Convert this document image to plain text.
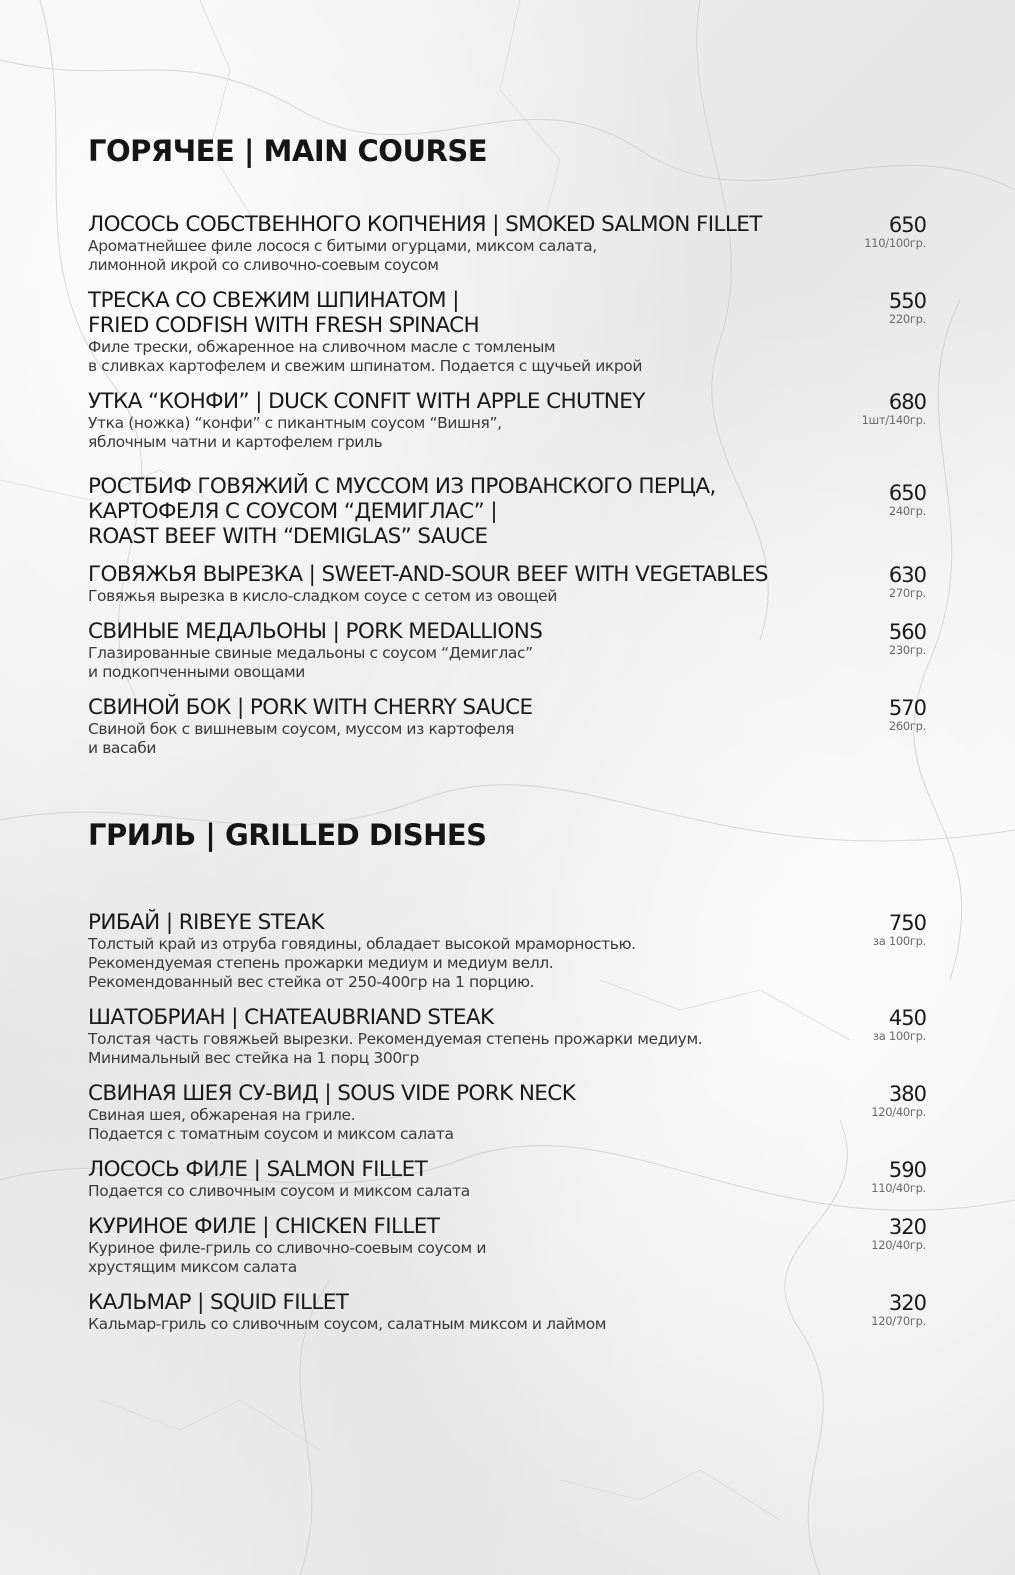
ГОРЯЧЕЕ | MAIN COURSE
ЛОСОСЬ СОБСТВЕННОГО КОПЧЕНИЯ | SMOKED SALMON FILLET
Ароматнейшее филе лосося с битыми огурцами, миксом салата,
лимонной икрой со сливочно-соевым соусом
650
110/100гр.
ТРЕСКА СО СВЕЖИМ ШПИНАТОМ |
FRIED CODFISH WITH FRESH SPINACH
Филе трески, обжаренное на сливочном масле с томленым
в сливках картофелем и свежим шпинатом. Подается с щучьей икрой
550
220гр.
УТКА “КОНФИ” | DUCK CONFIT WITH APPLE CHUTNEY
Утка (ножка) “конфи” с пикантным соусом “Вишня”,
яблочным чатни и картофелем гриль
680
1шт/140гр.
РОСТБИФ ГОВЯЖИЙ С МУССОМ ИЗ ПРОВАНСКОГО ПЕРЦА,
КАРТОФЕЛЯ С СОУСОМ “ДЕМИГЛАС” |
ROAST BEEF WITH “DEMIGLAS” SAUCE
650
240гр.
ГОВЯЖЬЯ ВЫРЕЗКА | SWEET-AND-SOUR BEEF WITH VEGETABLES
Говяжья вырезка в кисло-сладком соусе с сетом из овощей
630
270гр.
СВИНЫЕ МЕДАЛЬОНЫ | PORK MEDALLIONS
Глазированные свиные медальоны с соусом “Демиглас”
и подкопченными овощами
560
230гр.
СВИНОЙ БОК | PORK WITH CHERRY SAUCE
Свиной бок с вишневым соусом, муссом из картофеля
и васаби
570
260гр.
ГРИЛЬ | GRILLED DISHES
РИБАЙ | RIBEYE STEAK
Толстый край из отруба говядины, обладает высокой мраморностью.
Рекомендуемая степень прожарки медиум и медиум велл.
Рекомендованный вес стейка от 250-400гр на 1 порцию.
750
за 100гр.
ШАТОБРИАН | CHATEAUBRIAND STEAK
Толстая часть говяжьей вырезки. Рекомендуемая степень прожарки медиум.
Минимальный вес стейка на 1 порц 300гр
450
за 100гр.
СВИНАЯ ШЕЯ СУ-ВИД | SOUS VIDE PORK NECK
Свиная шея, обжареная на гриле.
Подается с томатным соусом и миксом салата
380
120/40гр.
ЛОСОСЬ ФИЛЕ | SALMON FILLET
Подается со сливочным соусом и миксом салата
590
110/40гр.
КУРИНОЕ ФИЛЕ | CHICKEN FILLET
Куриное филе-гриль со сливочно-соевым соусом и
хрустящим миксом салата
320
120/40гр.
КАЛЬМАР | SQUID FILLET
Кальмар-гриль со сливочным соусом, салатным миксом и лаймом
320
120/70гр.
